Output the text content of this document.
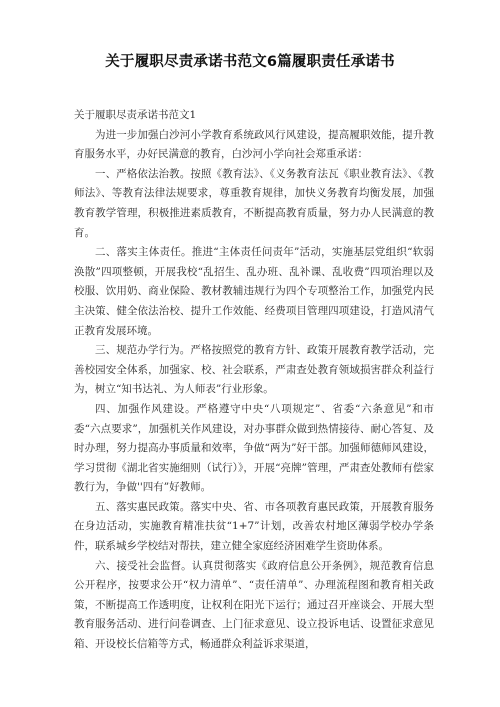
关于履职尽责承诺书范文6篇履职责任承诺书

关于履职尽责承诺书范文1

为进一步加强白沙河小学教育系统政风行风建设，提高履职效能，提升教育服务水平，办好民满意的教育，白沙河小学向社会郑重承诺：

一、严格依法治教。按照《教育法》、《义务教育法瓦《职业教育法》、《教师法》、等教育法律法规要求，尊重教育规律，加快义务教育均衡发展，加强教育教学管理，积极推进素质教育，不断提高教育质量，努力办人民满意的教育。

二、落实主体责任。推进“主体责任问责年”活动，实施基层党组织“软弱涣散”四项整顿，开展我校“乱招生、乱办班、乱补课、乱收费”四项治理以及校服、饮用奶、商业保险、教材教辅违规行为四个专项整治工作，加强党内民主决策、健全依法治校、提升工作效能、经费项目管理四项建设，打造风清气正教育发展环境。

三、规范办学行为。严格按照党的教育方针、政策开展教育教学活动，完善校园安全体系，加强家、校、社会联系，严肃查处教育领域损害群众利益行为，树立“知书达礼、为人师表”行业形象。

四、加强作风建设。严格遵守中央“八项规定”、省委“六条意见”和市委“六点要求”，加强机关作风建设，对办事群众做到热情接待、耐心答复、及时办理，努力提高办事质量和效率，争做“两为”好干部。加强师德师风建设，学习贯彻《湖北省实施细则（试行）》，开展“亮牌”管理，严肃查处教师有偿家教行为，争做''四有”好教师。

五、落实惠民政策。落实中央、省、市各项教育惠民政策，开展教育服务在身边活动，实施教育精准扶贫“1+7”计划，改善农村地区薄弱学校办学条件，联系城乡学校结对帮扶，建立健全家庭经济困难学生资助体系。

六、接受社会监督。认真贯彻落实《政府信息公开条例》，规范教育信息公开程序，按要求公开“权力清单”、“责任清单”、办理流程图和教育相关政策，不断提高工作透明度，让权利在阳光下运行；通过召开座谈会、开展大型教育服务活动、进行问卷调查、上门征求意见、设立投诉电话、设置征求意见箱、开设校长信箱等方式，畅通群众利益诉求渠道，
